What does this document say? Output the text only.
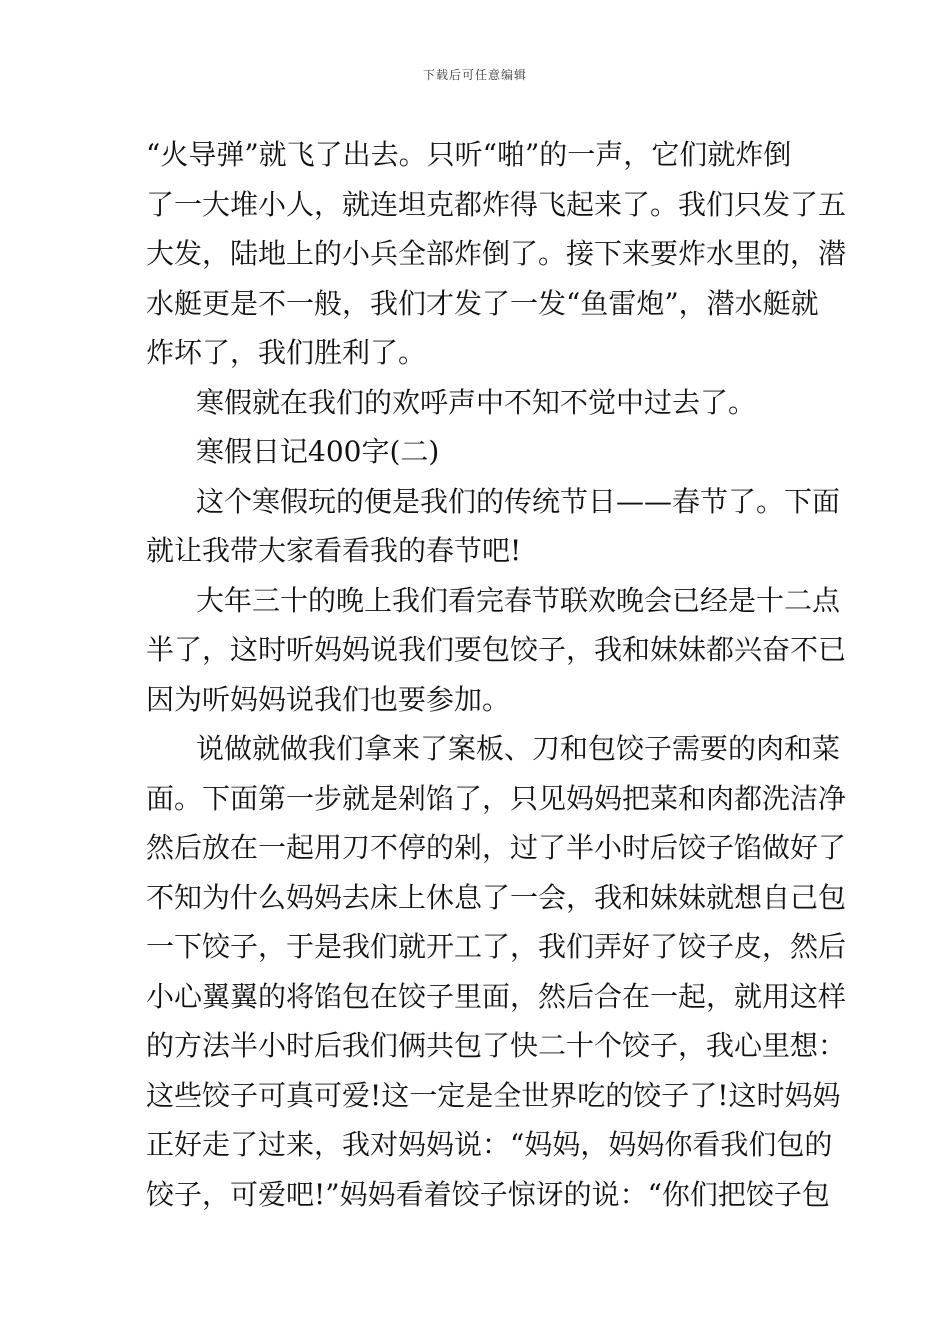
下载后可任意编辑
“火导弹”就飞了出去。只听“啪”的一声，它们就炸倒
了一大堆小人，就连坦克都炸得飞起来了。我们只发了五
大发，陆地上的小兵全部炸倒了。接下来要炸水里的，潜
水艇更是不一般，我们才发了一发“鱼雷炮”，潜水艇就
炸坏了，我们胜利了。
寒假就在我们的欢呼声中不知不觉中过去了。
寒假日记400字(二)
这个寒假玩的便是我们的传统节日——春节了。下面
就让我带大家看看我的春节吧!
大年三十的晚上我们看完春节联欢晚会已经是十二点
半了，这时听妈妈说我们要包饺子，我和妹妹都兴奋不已
因为听妈妈说我们也要参加。
说做就做我们拿来了案板、刀和包饺子需要的肉和菜
面。下面第一步就是剁馅了，只见妈妈把菜和肉都洗洁净
然后放在一起用刀不停的剁，过了半小时后饺子馅做好了
不知为什么妈妈去床上休息了一会，我和妹妹就想自己包
一下饺子，于是我们就开工了，我们弄好了饺子皮，然后
小心翼翼的将馅包在饺子里面，然后合在一起，就用这样
的方法半小时后我们俩共包了快二十个饺子，我心里想：
这些饺子可真可爱!这一定是全世界吃的饺子了!这时妈妈
正好走了过来，我对妈妈说：“妈妈，妈妈你看我们包的
饺子，可爱吧!”妈妈看着饺子惊讶的说：“你们把饺子包
